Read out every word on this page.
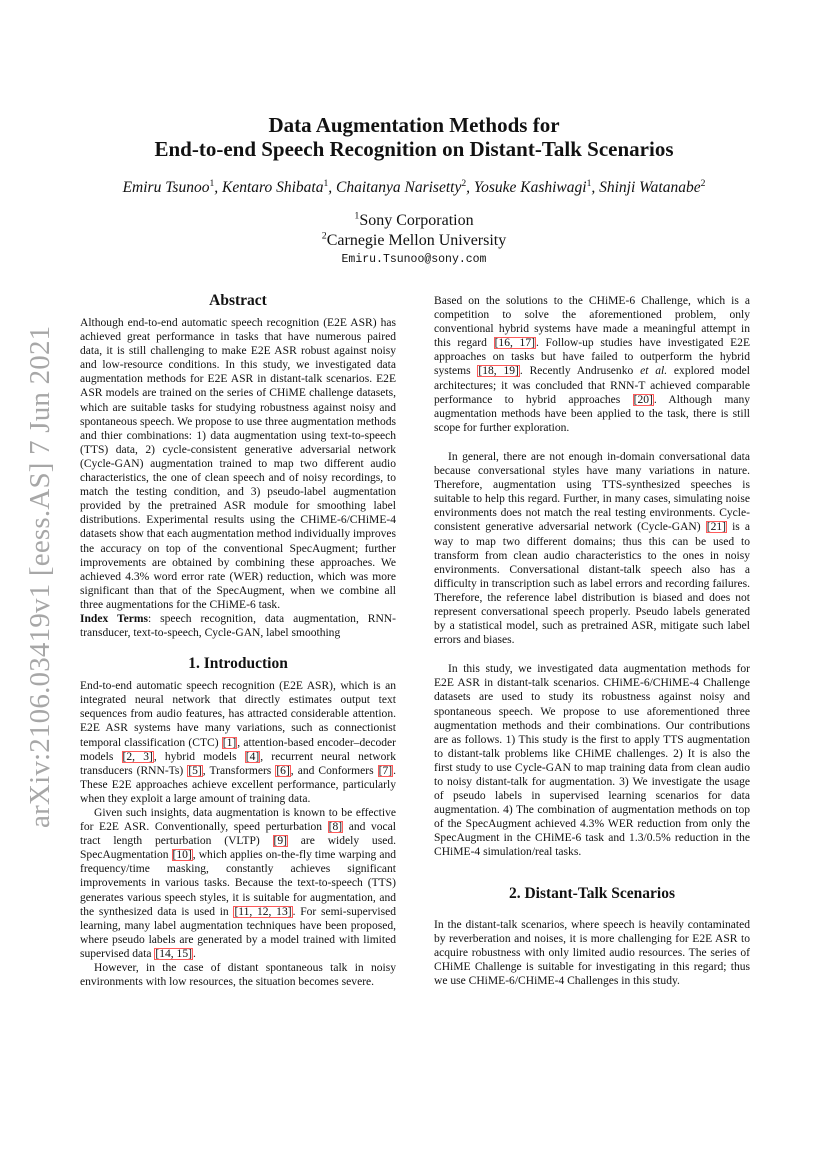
arXiv:2106.03419v1 [eess.AS] 7 Jun 2021
Data Augmentation Methods for
End-to-end Speech Recognition on Distant-Talk Scenarios
Emiru Tsunoo$^1$, Kentaro Shibata$^1$, Chaitanya Narisetty$^2$, Yosuke Kashiwagi$^1$, Shinji Watanabe$^2$
$^1$Sony Corporation
$^2$Carnegie Mellon University
Emiru.Tsunoo@sony.com
Abstract

Although end-to-end automatic speech recognition (E2E ASR) has achieved great performance in tasks that have numerous paired data, it is still challenging to make E2E ASR robust against noisy and low-resource conditions. In this study, we investigated data augmentation methods for E2E ASR in distant-talk scenarios. E2E ASR models are trained on the series of CHiME challenge datasets, which are suitable tasks for studying robustness against noisy and spontaneous speech. We propose to use three augmentation methods and thier combinations: 1) data augmentation using text-to-speech (TTS) data, 2) cycle-consistent generative adversarial network (Cycle-GAN) augmentation trained to map two different audio characteristics, the one of clean speech and of noisy recordings, to match the testing condition, and 3) pseudo-label augmentation provided by the pretrained ASR module for smoothing label distributions. Experimental results using the CHiME-6/CHiME-4 datasets show that each augmentation method individually improves the accuracy on top of the conventional SpecAugment; further improvements are obtained by combining these approaches. We achieved 4.3% word error rate (WER) reduction, which was more significant than that of the SpecAugment, when we combine all three augmentations for the CHiME-6 task.

Index Terms: speech recognition, data augmentation, RNN-transducer, text-to-speech, Cycle-GAN, label smoothing

1. Introduction

End-to-end automatic speech recognition (E2E ASR), which is an integrated neural network that directly estimates output text sequences from audio features, has attracted considerable attention. E2E ASR systems have many variations, such as connectionist temporal classification (CTC) [1], attention-based encoder–decoder models [2, 3], hybrid models [4], recurrent neural network transducers (RNN-Ts) [5], Transformers [6], and Conformers [7]. These E2E approaches achieve excellent performance, particularly when they exploit a large amount of training data.

Given such insights, data augmentation is known to be effective for E2E ASR. Conventionally, speed perturbation [8] and vocal tract length perturbation (VLTP) [9] are widely used. SpecAugmentation [10], which applies on-the-fly time warping and frequency/time masking, constantly achieves significant improvements in various tasks. Because the text-to-speech (TTS) generates various speech styles, it is suitable for augmentation, and the synthesized data is used in [11, 12, 13]. For semi-supervised learning, many label augmentation techniques have been proposed, where pseudo labels are generated by a model trained with limited supervised data [14, 15].

However, in the case of distant spontaneous talk in noisy environments with low resources, the situation becomes severe.

Based on the solutions to the CHiME-6 Challenge, which is a competition to solve the aforementioned problem, only conventional hybrid systems have made a meaningful attempt in this regard [16, 17]. Follow-up studies have investigated E2E approaches on tasks but have failed to outperform the hybrid systems [18, 19]. Recently Andrusenko et al. explored model architectures; it was concluded that RNN-T achieved comparable performance to hybrid approaches [20]. Although many augmentation methods have been applied to the task, there is still scope for further exploration.

In general, there are not enough in-domain conversational data because conversational styles have many variations in nature. Therefore, augmentation using TTS-synthesized speeches is suitable to help this regard. Further, in many cases, simulating noise environments does not match the real testing environments. Cycle-consistent generative adversarial network (Cycle-GAN) [21] is a way to map two different domains; thus this can be used to transform from clean audio characteristics to the ones in noisy environments. Conversational distant-talk speech also has a difficulty in transcription such as label errors and recording failures. Therefore, the reference label distribution is biased and does not represent conversational speech properly. Pseudo labels generated by a statistical model, such as pretrained ASR, mitigate such label errors and biases.

In this study, we investigated data augmentation methods for E2E ASR in distant-talk scenarios. CHiME-6/CHiME-4 Challenge datasets are used to study its robustness against noisy and spontaneous speech. We propose to use aforementioned three augmentation methods and their combinations. Our contributions are as follows. 1) This study is the first to apply TTS augmentation to distant-talk problems like CHiME challenges. 2) It is also the first study to use Cycle-GAN to map training data from clean audio to noisy distant-talk for augmentation. 3) We investigate the usage of pseudo labels in supervised learning scenarios for data augmentation. 4) The combination of augmentation methods on top of the SpecAugment achieved 4.3% WER reduction from only the SpecAugment in the CHiME-6 task and 1.3/0.5% reduction in the CHiME-4 simulation/real tasks.

2. Distant-Talk Scenarios

In the distant-talk scenarios, where speech is heavily contaminated by reverberation and noises, it is more challenging for E2E ASR to acquire robustness with only limited audio resources. The series of CHiME Challenge is suitable for investigating in this regard; thus we use CHiME-6/CHiME-4 Challenges in this study.
